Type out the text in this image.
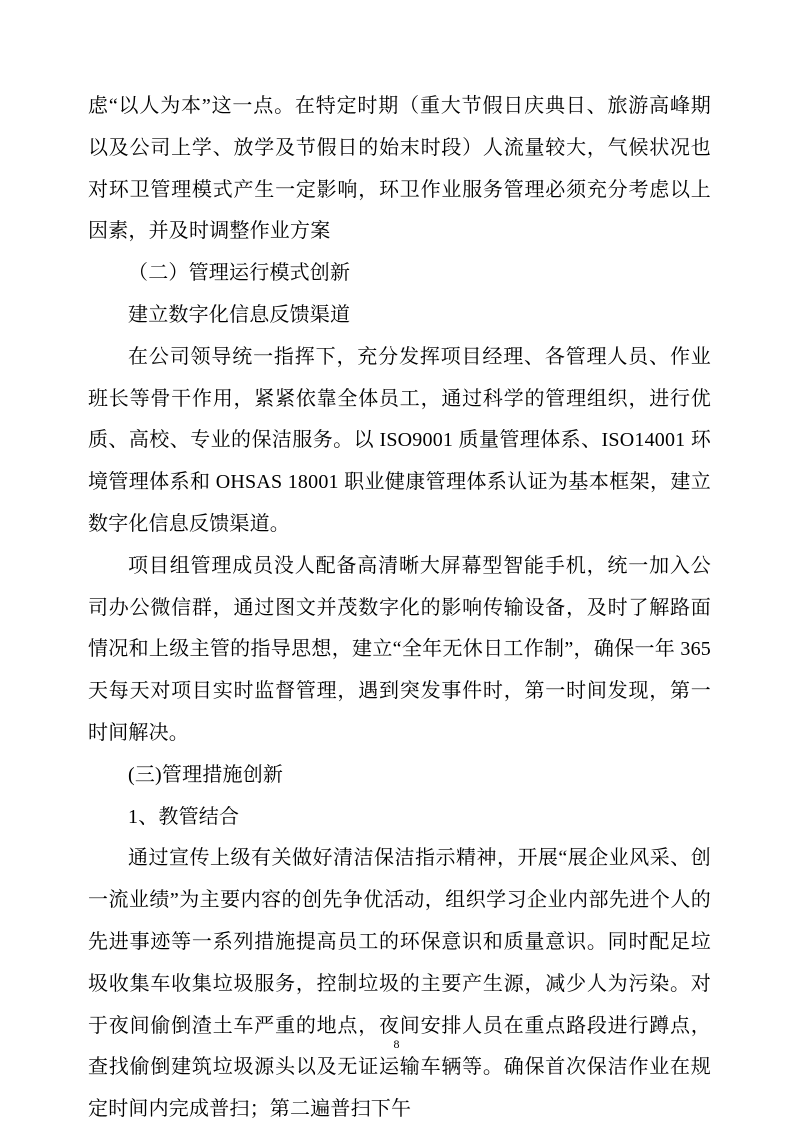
虑“以人为本”这一点。在特定时期（重大节假日庆典日、旅游高峰期以及公司上学、放学及节假日的始末时段）人流量较大，气候状况也对环卫管理模式产生一定影响，环卫作业服务管理必须充分考虑以上因素，并及时调整作业方案

（二）管理运行模式创新

建立数字化信息反馈渠道

在公司领导统一指挥下，充分发挥项目经理、各管理人员、作业班长等骨干作用，紧紧依靠全体员工，通过科学的管理组织，进行优质、高校、专业的保洁服务。以 ISO9001 质量管理体系、ISO14001 环境管理体系和 OHSAS 18001 职业健康管理体系认证为基本框架，建立数字化信息反馈渠道。

项目组管理成员没人配备高清晰大屏幕型智能手机，统一加入公司办公微信群，通过图文并茂数字化的影响传输设备，及时了解路面情况和上级主管的指导思想，建立“全年无休日工作制”，确保一年 365 天每天对项目实时监督管理，遇到突发事件时，第一时间发现，第一时间解决。

(三)管理措施创新

1、教管结合

通过宣传上级有关做好清洁保洁指示精神，开展“展企业风采、创一流业绩”为主要内容的创先争优活动，组织学习企业内部先进个人的先进事迹等一系列措施提高员工的环保意识和质量意识。同时配足垃圾收集车收集垃圾服务，控制垃圾的主要产生源，减少人为污染。对于夜间偷倒渣土车严重的地点，夜间安排人员在重点路段进行蹲点，查找偷倒建筑垃圾源头以及无证运输车辆等。确保首次保洁作业在规定时间内完成普扫；第二遍普扫下午

8
